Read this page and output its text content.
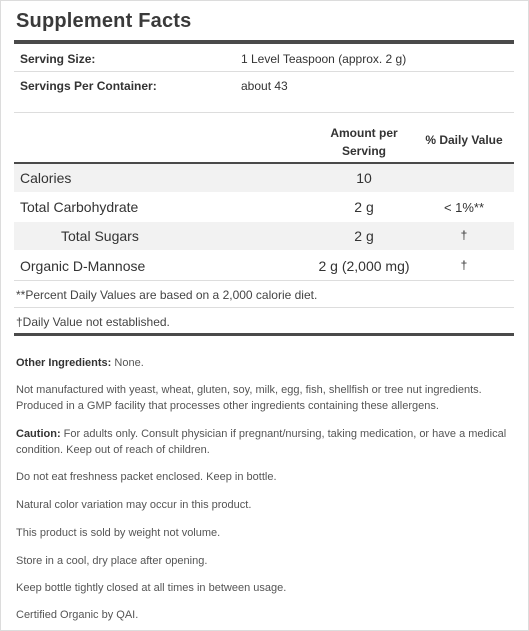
Supplement Facts
Serving Size:	1 Level Teaspoon (approx. 2 g)
Servings Per Container:	about 43
Amount per
Serving
% Daily Value
Calories	10
Total Carbohydrate	2 g	< 1%**
Total Sugars	2 g	†
Organic D-Mannose	2 g (2,000 mg)	†
**Percent Daily Values are based on a 2,000 calorie diet.
†Daily Value not established.
Other Ingredients: None.
Not manufactured with yeast, wheat, gluten, soy, milk, egg, fish, shellfish or tree nut ingredients. Produced in a GMP facility that processes other ingredients containing these allergens.
Caution: For adults only. Consult physician if pregnant/nursing, taking medication, or have a medical condition. Keep out of reach of children.
Do not eat freshness packet enclosed. Keep in bottle.
Natural color variation may occur in this product.
This product is sold by weight not volume.
Store in a cool, dry place after opening.
Keep bottle tightly closed at all times in between usage.
Certified Organic by QAI.
